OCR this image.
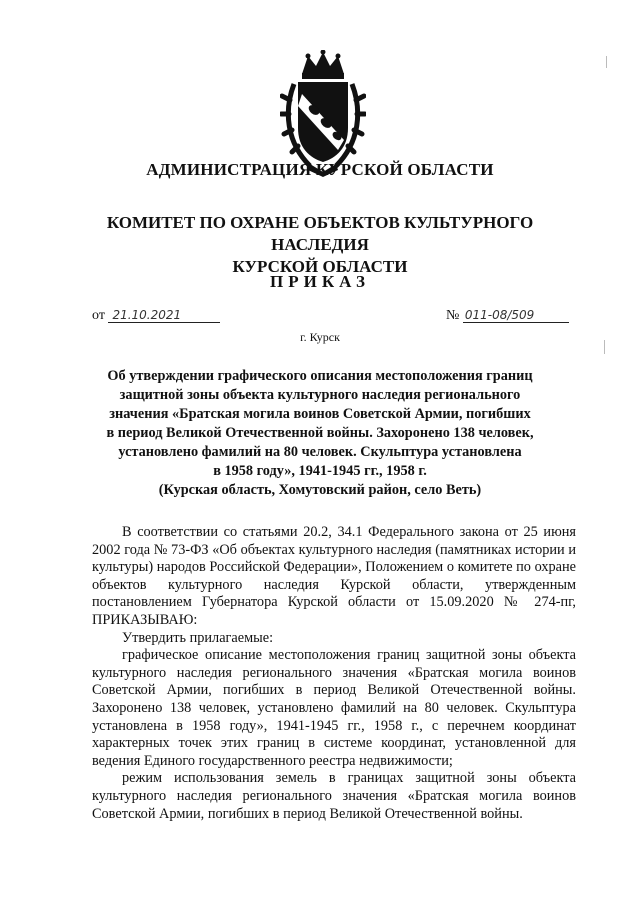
АДМИНИСТРАЦИЯ КУРСКОЙ ОБЛАСТИ
КОМИТЕТ ПО ОХРАНЕ ОБЪЕКТОВ КУЛЬТУРНОГО НАСЛЕДИЯ
КУРСКОЙ ОБЛАСТИ
ПРИКАЗ
от 21.10.2021	№ 011-08/509
г. Курск
Об утверждении графического описания местоположения границ
защитной зоны объекта культурного наследия регионального
значения «Братская могила воинов Советской Армии, погибших
в период Великой Отечественной войны. Захоронено 138 человек,
установлено фамилий на 80 человек. Скульптура установлена
в 1958 году», 1941-1945 гг., 1958 г.
(Курская область, Хомутовский район, село Веть)

В соответствии со статьями 20.2, 34.1 Федерального закона от 25 июня 2002 года № 73-ФЗ «Об объектах культурного наследия (памятниках истории и культуры) народов Российской Федерации», Положением о комитете по охране объектов культурного наследия Курской области, утвержденным постановлением Губернатора Курской области от 15.09.2020 № 274-пг, ПРИКАЗЫВАЮ:

Утвердить прилагаемые:

графическое описание местоположения границ защитной зоны объекта культурного наследия регионального значения «Братская могила воинов Советской Армии, погибших в период Великой Отечественной войны. Захоронено 138 человек, установлено фамилий на 80 человек. Скульптура установлена в 1958 году», 1941-1945 гг., 1958 г., с перечнем координат характерных точек этих границ в системе координат, установленной для ведения Единого государственного реестра недвижимости;

режим использования земель в границах защитной зоны объекта культурного наследия регионального значения «Братская могила воинов Советской Армии, погибших в период Великой Отечественной войны.
